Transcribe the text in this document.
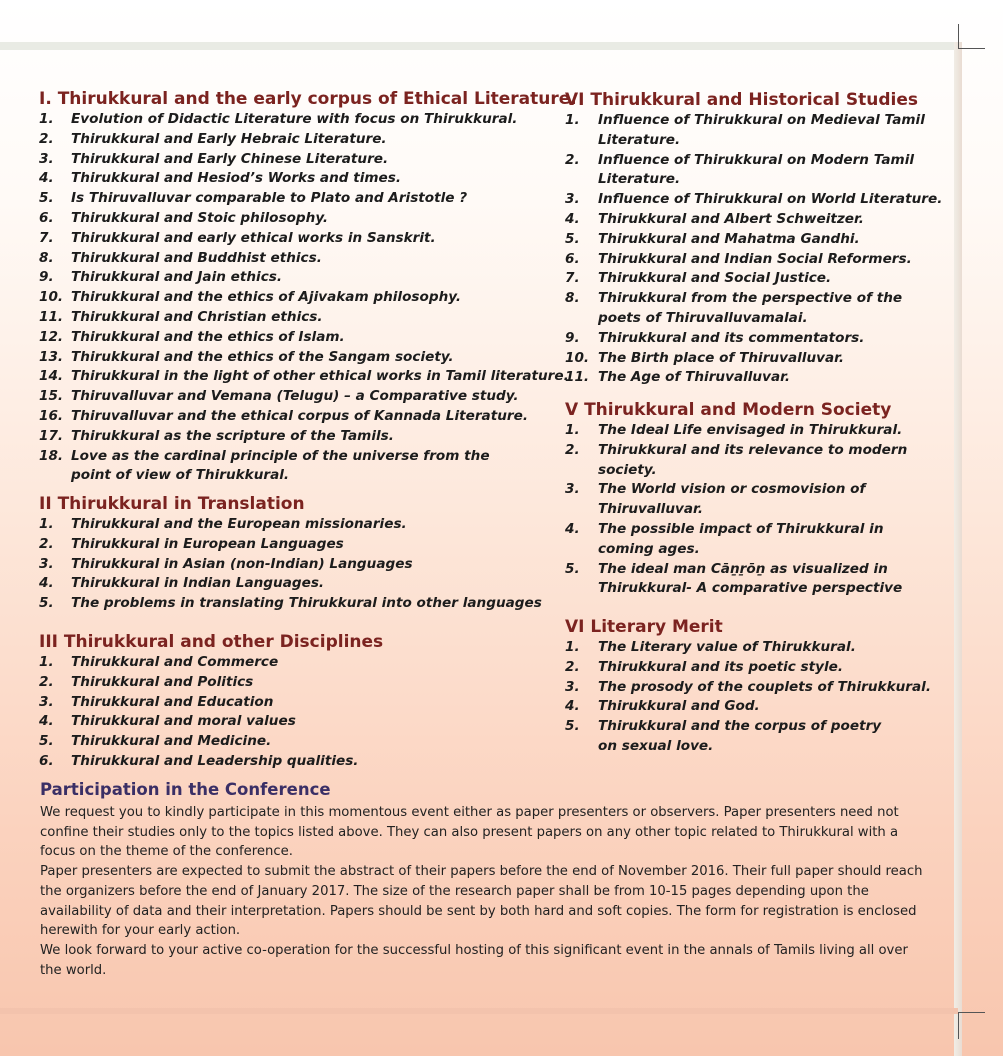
I. Thirukkural and the early corpus of Ethical Literature.
1. Evolution of Didactic Literature with focus on Thirukkural.
2. Thirukkural and Early Hebraic Literature.
3. Thirukkural and Early Chinese Literature.
4. Thirukkural and Hesiod’s Works and times.
5. Is Thiruvalluvar comparable to Plato and Aristotle ?
6. Thirukkural and Stoic philosophy.
7. Thirukkural and early ethical works in Sanskrit.
8. Thirukkural and Buddhist ethics.
9. Thirukkural and Jain ethics.
10. Thirukkural and the ethics of Ajivakam philosophy.
11. Thirukkural and Christian ethics.
12. Thirukkural and the ethics of Islam.
13. Thirukkural and the ethics of the Sangam society.
14. Thirukkural in the light of other ethical works in Tamil literature.
15. Thiruvalluvar and Vemana (Telugu) – a Comparative study.
16. Thiruvalluvar and the ethical corpus of Kannada Literature.
17. Thirukkural as the scripture of the Tamils.
18. Love as the cardinal principle of the universe from the
point of view of Thirukkural.
II Thirukkural in Translation
1. Thirukkural and the European missionaries.
2. Thirukkural in European Languages
3. Thirukkural in Asian (non-Indian) Languages
4. Thirukkural in Indian Languages.
5. The problems in translating Thirukkural into other languages
III Thirukkural and other Disciplines
1. Thirukkural and Commerce
2. Thirukkural and Politics
3. Thirukkural and Education
4. Thirukkural and moral values
5. Thirukkural and Medicine.
6. Thirukkural and Leadership qualities.
VI Thirukkural and Historical Studies
1. Influence of Thirukkural on Medieval Tamil
Literature.
2. Influence of Thirukkural on Modern Tamil
Literature.
3. Influence of Thirukkural on World Literature.
4. Thirukkural and Albert Schweitzer.
5. Thirukkural and Mahatma Gandhi.
6. Thirukkural and Indian Social Reformers.
7. Thirukkural and Social Justice.
8. Thirukkural from the perspective of the
poets of Thiruvalluvamalai.
9. Thirukkural and its commentators.
10. The Birth place of Thiruvalluvar.
11. The Age of Thiruvalluvar.
V Thirukkural and Modern Society
1. The Ideal Life envisaged in Thirukkural.
2. Thirukkural and its relevance to modern
society.
3. The World vision or cosmovision of
Thiruvalluvar.
4. The possible impact of Thirukkural in
coming ages.
5. The ideal man Cāṉṟōṉ as visualized in
Thirukkural- A comparative perspective
VI Literary Merit
1. The Literary value of Thirukkural.
2. Thirukkural and its poetic style.
3. The prosody of the couplets of Thirukkural.
4. Thirukkural and God.
5. Thirukkural and the corpus of poetry
on sexual love.
Participation in the Conference

We request you to kindly participate in this momentous event either as paper presenters or observers. Paper presenters need not confine their studies only to the topics listed above. They can also present papers on any other topic related to Thirukkural with a focus on the theme of the conference.

Paper presenters are expected to submit the abstract of their papers before the end of November 2016. Their full paper should reach the organizers before the end of January 2017. The size of the research paper shall be from 10-15 pages depending upon the availability of data and their interpretation. Papers should be sent by both hard and soft copies. The form for registration is enclosed herewith for your early action.

We look forward to your active co-operation for the successful hosting of this significant event in the annals of Tamils living all over the world.
